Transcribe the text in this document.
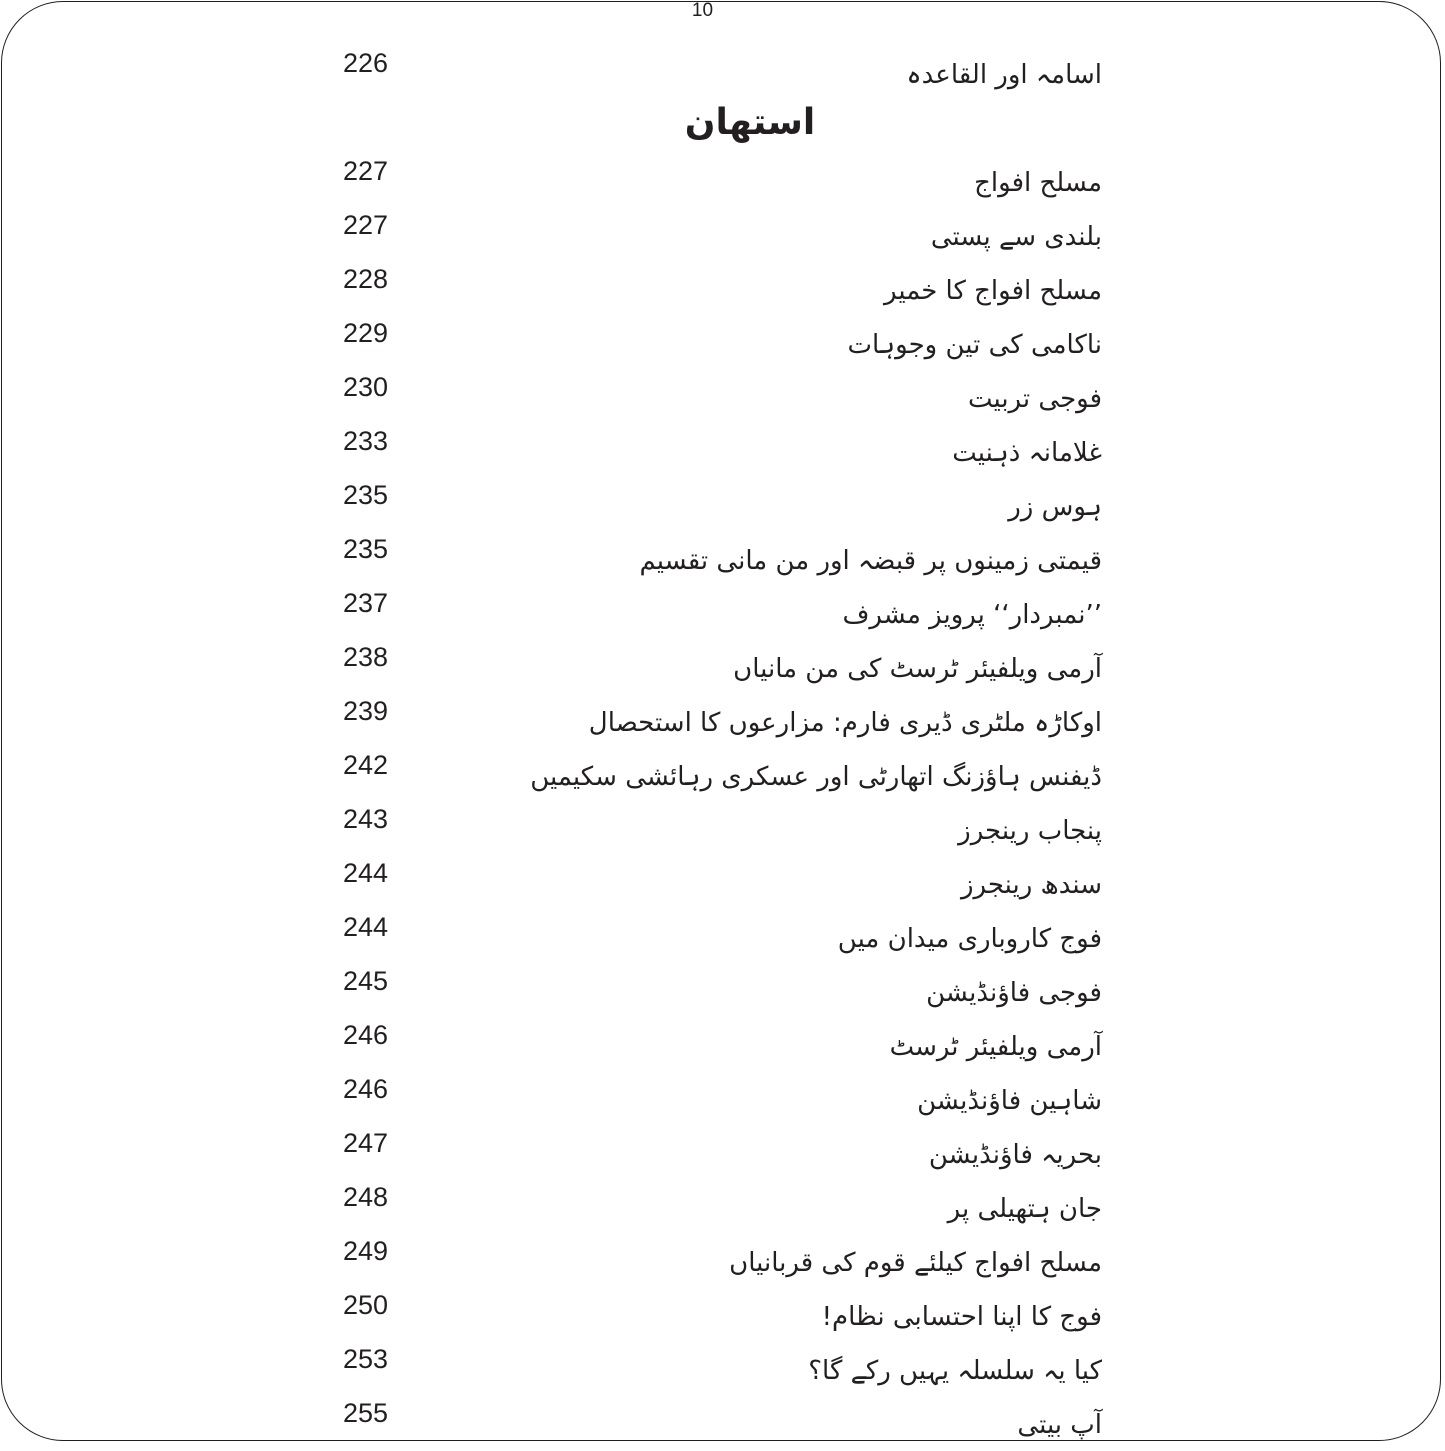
10
226	اسامہ اور القاعدہ
استھان
227	مسلح افواج
227	بلندی سے پستی
228	مسلح افواج کا خمیر
229	ناکامی کی تین وجوہات
230	فوجی تربیت
233	غلامانہ ذہنیت
235	ہوس زر
235	قیمتی زمینوں پر قبضہ اور من مانی تقسیم
237	’’نمبردار‘‘ پرویز مشرف
238	آرمی ویلفیئر ٹرسٹ کی من مانیاں
239	اوکاڑہ ملٹری ڈیری فارم: مزارعوں کا استحصال
242	ڈیفنس ہاؤزنگ اتھارٹی اور عسکری رہائشی سکیمیں
243	پنجاب رینجرز
244	سندھ رینجرز
244	فوج کاروباری میدان میں
245	فوجی فاؤنڈیشن
246	آرمی ویلفیئر ٹرسٹ
246	شاہین فاؤنڈیشن
247	بحریہ فاؤنڈیشن
248	جان ہتھیلی پر
249	مسلح افواج کیلئے قوم کی قربانیاں
250	فوج کا اپنا احتسابی نظام!
253	کیا یہ سلسلہ یہیں رکے گا؟
255	آپ بیتی
